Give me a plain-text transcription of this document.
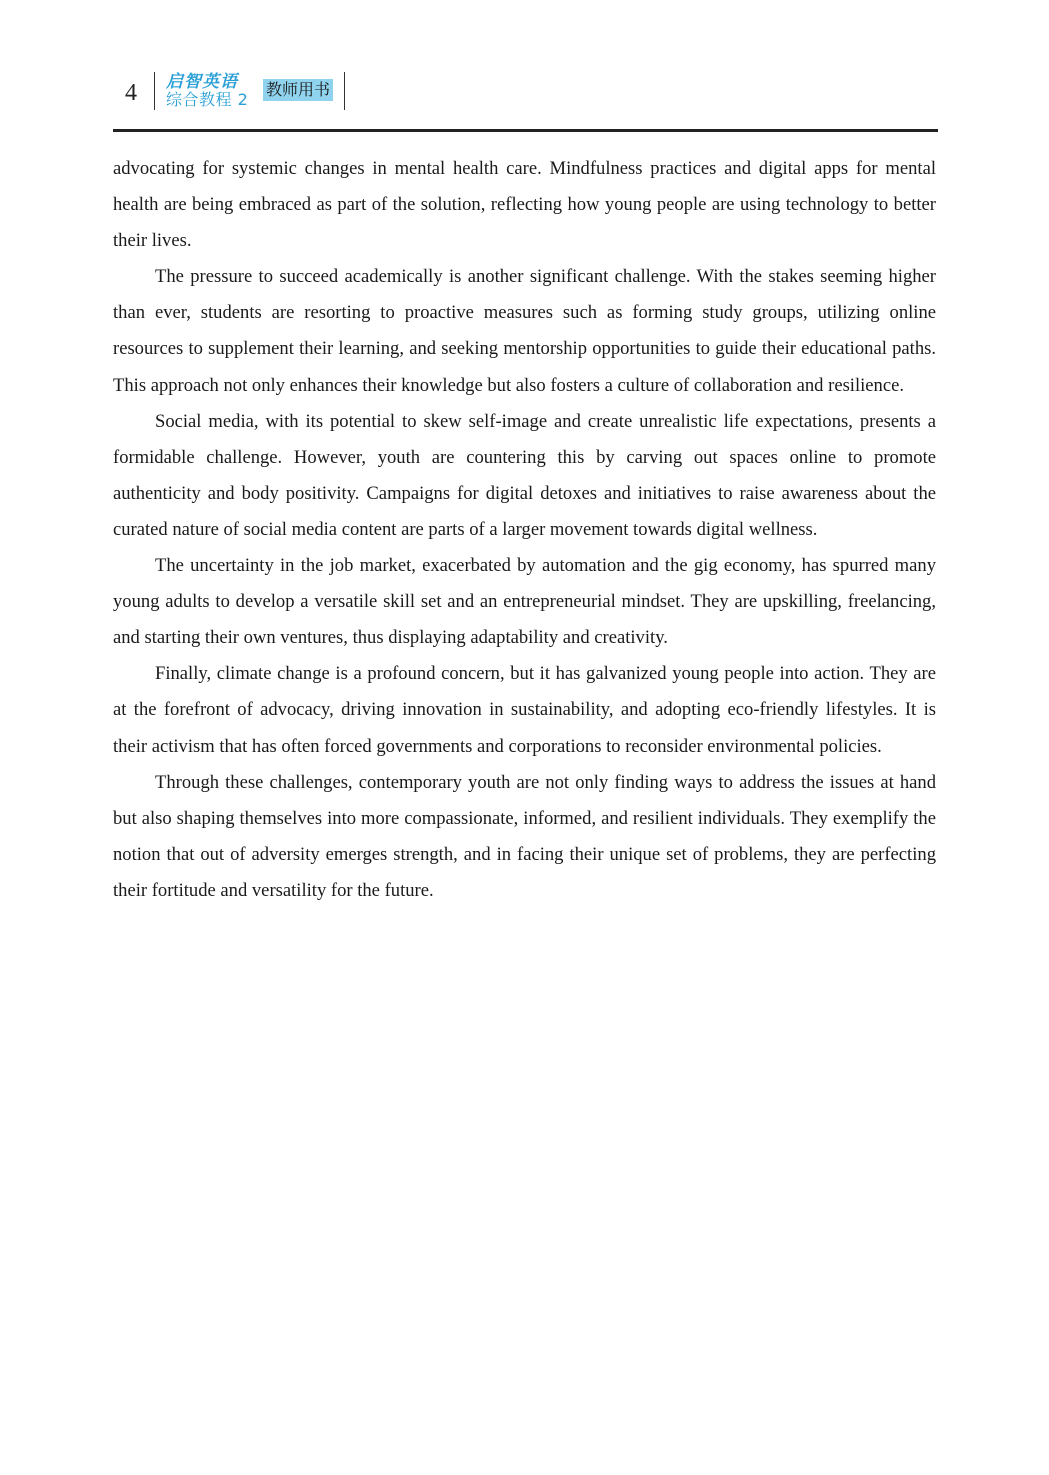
4 启智英语
综合教程 2
教师用书

advocating for systemic changes in mental health care. Mindfulness practices and digital apps for mental health are being embraced as part of the solution, reflecting how young people are using technology to better their lives.

The pressure to succeed academically is another significant challenge. With the stakes seeming higher than ever, students are resorting to proactive measures such as forming study groups, utilizing online resources to supplement their learning, and seeking mentorship opportunities to guide their educational paths. This approach not only enhances their knowledge but also fosters a culture of collaboration and resilience.

Social media, with its potential to skew self-image and create unrealistic life expectations, presents a formidable challenge. However, youth are countering this by carving out spaces online to promote authenticity and body positivity. Campaigns for digital detoxes and initiatives to raise awareness about the curated nature of social media content are parts of a larger movement towards digital wellness.

The uncertainty in the job market, exacerbated by automation and the gig economy, has spurred many young adults to develop a versatile skill set and an entrepreneurial mindset. They are upskilling, freelancing, and starting their own ventures, thus displaying adaptability and creativity.

Finally, climate change is a profound concern, but it has galvanized young people into action. They are at the forefront of advocacy, driving innovation in sustainability, and adopting eco-friendly lifestyles. It is their activism that has often forced governments and corporations to reconsider environmental policies.

Through these challenges, contemporary youth are not only finding ways to address the issues at hand but also shaping themselves into more compassionate, informed, and resilient individuals. They exemplify the notion that out of adversity emerges strength, and in facing their unique set of problems, they are perfecting their fortitude and versatility for the future.
